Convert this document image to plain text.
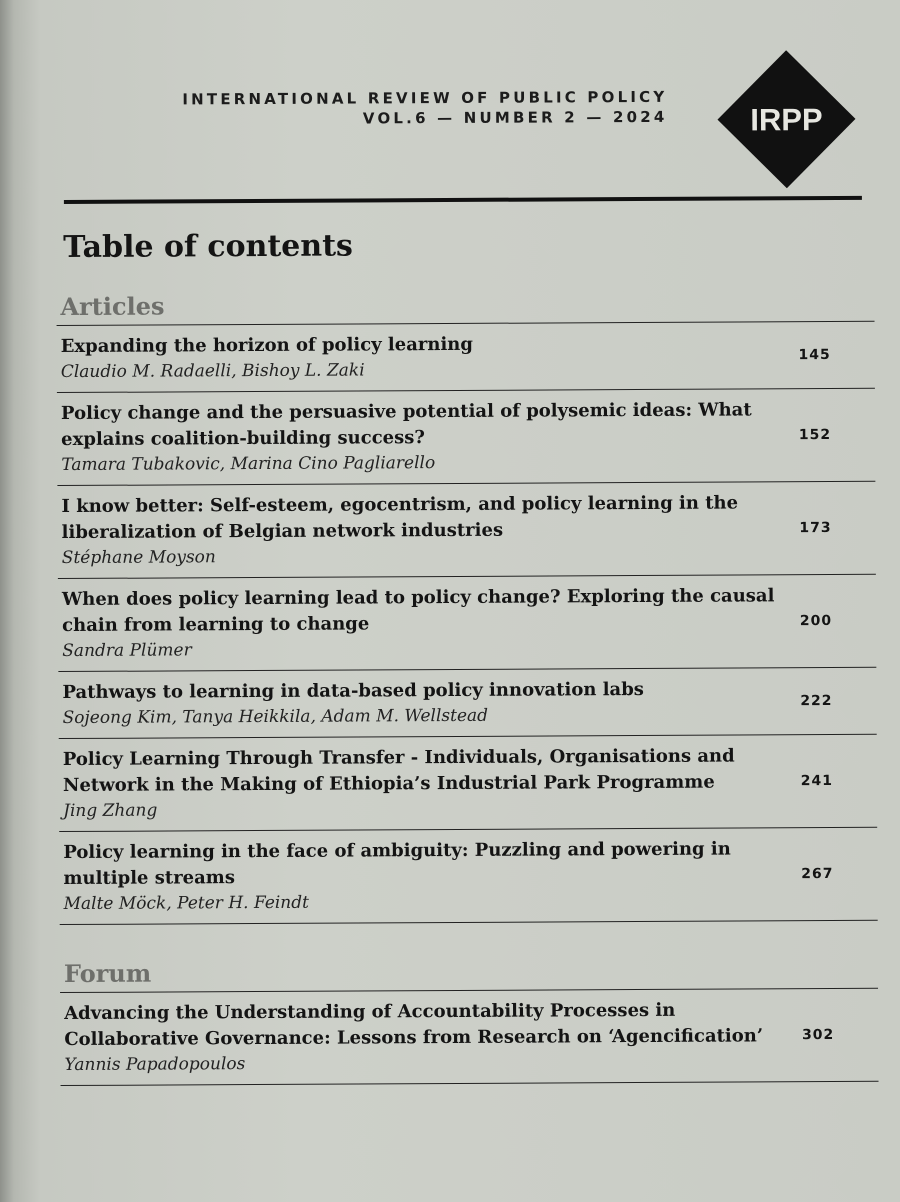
INTERNATIONAL REVIEW OF PUBLIC POLICY
VOL.6 — NUMBER 2 — 2024	IRPP
Table of contents
Articles
Expanding the horizon of policy learning
Claudio M. Radaelli, Bishoy L. Zaki
145
Policy change and the persuasive potential of polysemic ideas: What explains coalition-building success?
Tamara Tubakovic, Marina Cino Pagliarello
152
I know better: Self-esteem, egocentrism, and policy learning in the liberalization of Belgian network industries
Stéphane Moyson
173
When does policy learning lead to policy change? Exploring the causal chain from learning to change
Sandra Plümer
200
Pathways to learning in data-based policy innovation labs
Sojeong Kim, Tanya Heikkila, Adam M. Wellstead
222
Policy Learning Through Transfer - Individuals, Organisations and Network in the Making of Ethiopia’s Industrial Park Programme
Jing Zhang
241
Policy learning in the face of ambiguity: Puzzling and powering in multiple streams
Malte Möck, Peter H. Feindt
267
Forum
Advancing the Understanding of Accountability Processes in Collaborative Governance: Lessons from Research on ‘Agencification’
Yannis Papadopoulos
302
